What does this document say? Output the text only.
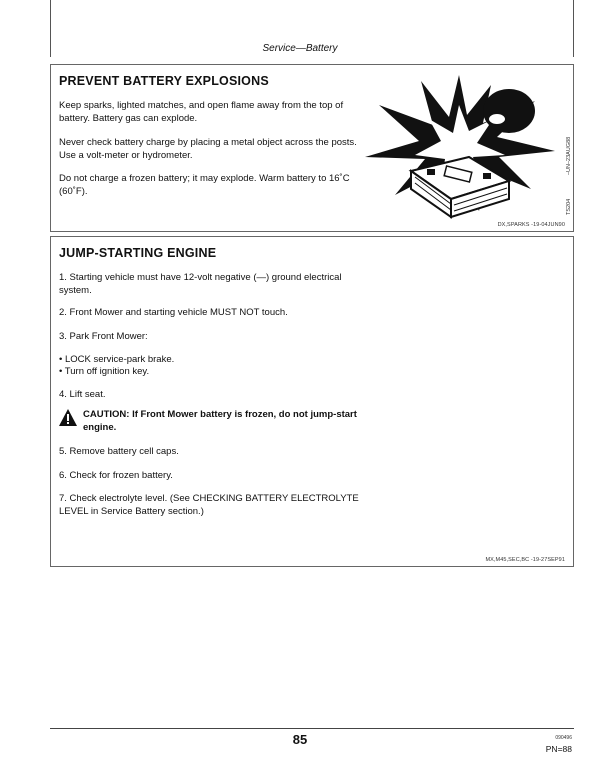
Service—Battery
PREVENT BATTERY EXPLOSIONS

Keep sparks, lighted matches, and open flame away from the top of battery. Battery gas can explode.

Never check battery charge by placing a metal object across the posts. Use a volt-meter or hydrometer.

Do not charge a frozen battery; it may explode. Warm battery to 16˚C (60˚F).

–UN–23AUG88
TS204
DX,SPARKS -19-04JUN90
JUMP-STARTING ENGINE

1. Starting vehicle must have 12-volt negative (—) ground electrical system.

2. Front Mower and starting vehicle MUST NOT touch.

3. Park Front Mower:

• LOCK service-park brake.

• Turn off ignition key.

4. Lift seat.

CAUTION: If Front Mower battery is frozen, do not jump-start engine.

5. Remove battery cell caps.

6. Check for frozen battery.

7. Check electrolyte level. (See CHECKING BATTERY ELECTROLYTE LEVEL in Service Battery section.)

MX,M45,SEC,BC -19-27SEP91
85	090496
PN=88
